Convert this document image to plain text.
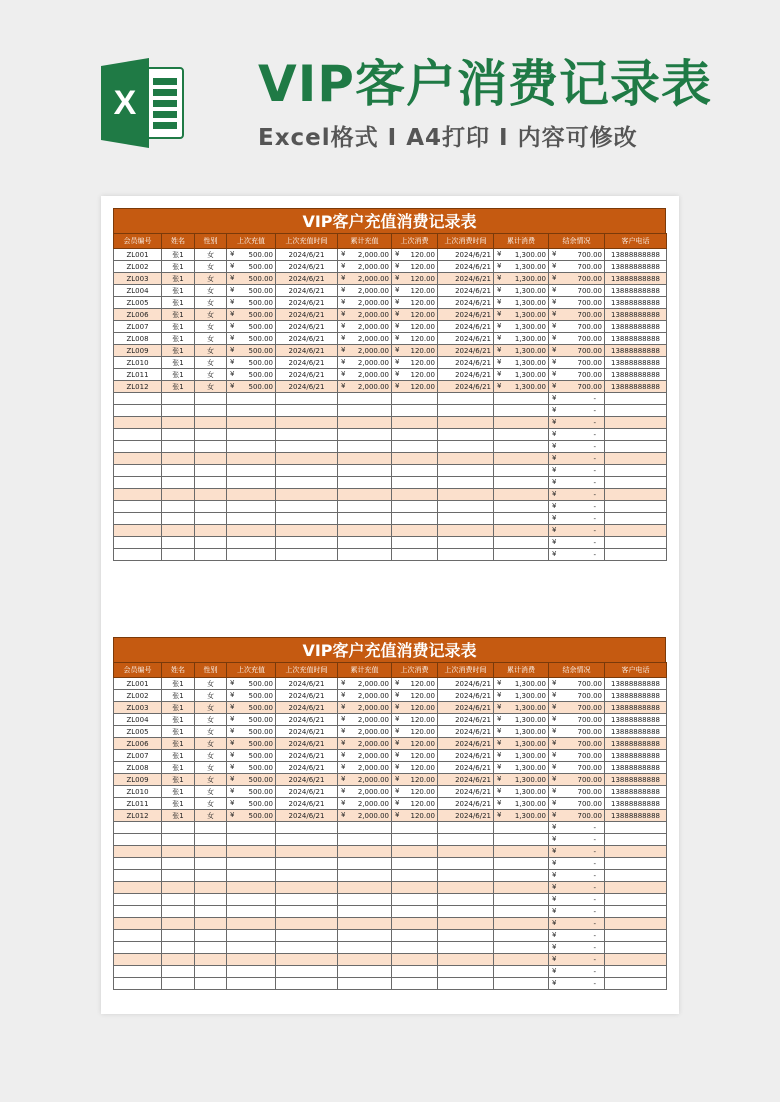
X VIP客户消费记录表
Excel格式 I A4打印 I 内容可修改
VIP客户充值消费记录表
会员编号	姓名	性别	上次充值	上次充值时间	累计充值	上次消费	上次消费时间	累计消费	结余情况	客户电话
ZL001	张1	女	¥ 500.00	2024/6/21	¥ 2,000.00	¥ 120.00	2024/6/21	¥ 1,300.00	¥ 700.00	13888888888
ZL002	张1	女	¥ 500.00	2024/6/21	¥ 2,000.00	¥ 120.00	2024/6/21	¥ 1,300.00	¥ 700.00	13888888888
ZL003	张1	女	¥ 500.00	2024/6/21	¥ 2,000.00	¥ 120.00	2024/6/21	¥ 1,300.00	¥ 700.00	13888888888
ZL004	张1	女	¥ 500.00	2024/6/21	¥ 2,000.00	¥ 120.00	2024/6/21	¥ 1,300.00	¥ 700.00	13888888888
ZL005	张1	女	¥ 500.00	2024/6/21	¥ 2,000.00	¥ 120.00	2024/6/21	¥ 1,300.00	¥ 700.00	13888888888
ZL006	张1	女	¥ 500.00	2024/6/21	¥ 2,000.00	¥ 120.00	2024/6/21	¥ 1,300.00	¥ 700.00	13888888888
ZL007	张1	女	¥ 500.00	2024/6/21	¥ 2,000.00	¥ 120.00	2024/6/21	¥ 1,300.00	¥ 700.00	13888888888
ZL008	张1	女	¥ 500.00	2024/6/21	¥ 2,000.00	¥ 120.00	2024/6/21	¥ 1,300.00	¥ 700.00	13888888888
ZL009	张1	女	¥ 500.00	2024/6/21	¥ 2,000.00	¥ 120.00	2024/6/21	¥ 1,300.00	¥ 700.00	13888888888
ZL010	张1	女	¥ 500.00	2024/6/21	¥ 2,000.00	¥ 120.00	2024/6/21	¥ 1,300.00	¥ 700.00	13888888888
ZL011	张1	女	¥ 500.00	2024/6/21	¥ 2,000.00	¥ 120.00	2024/6/21	¥ 1,300.00	¥ 700.00	13888888888
ZL012	张1	女	¥ 500.00	2024/6/21	¥ 2,000.00	¥ 120.00	2024/6/21	¥ 1,300.00	¥ 700.00	13888888888

									¥ -	

									¥ -	

									¥ -	

									¥ -	

									¥ -	

									¥ -	

									¥ -	

									¥ -	

									¥ -	

									¥ -	

									¥ -	

									¥ -	

									¥ -	

									¥ -	

VIP客户充值消费记录表
会员编号	姓名	性别	上次充值	上次充值时间	累计充值	上次消费	上次消费时间	累计消费	结余情况	客户电话
ZL001	张1	女	¥ 500.00	2024/6/21	¥ 2,000.00	¥ 120.00	2024/6/21	¥ 1,300.00	¥ 700.00	13888888888
ZL002	张1	女	¥ 500.00	2024/6/21	¥ 2,000.00	¥ 120.00	2024/6/21	¥ 1,300.00	¥ 700.00	13888888888
ZL003	张1	女	¥ 500.00	2024/6/21	¥ 2,000.00	¥ 120.00	2024/6/21	¥ 1,300.00	¥ 700.00	13888888888
ZL004	张1	女	¥ 500.00	2024/6/21	¥ 2,000.00	¥ 120.00	2024/6/21	¥ 1,300.00	¥ 700.00	13888888888
ZL005	张1	女	¥ 500.00	2024/6/21	¥ 2,000.00	¥ 120.00	2024/6/21	¥ 1,300.00	¥ 700.00	13888888888
ZL006	张1	女	¥ 500.00	2024/6/21	¥ 2,000.00	¥ 120.00	2024/6/21	¥ 1,300.00	¥ 700.00	13888888888
ZL007	张1	女	¥ 500.00	2024/6/21	¥ 2,000.00	¥ 120.00	2024/6/21	¥ 1,300.00	¥ 700.00	13888888888
ZL008	张1	女	¥ 500.00	2024/6/21	¥ 2,000.00	¥ 120.00	2024/6/21	¥ 1,300.00	¥ 700.00	13888888888
ZL009	张1	女	¥ 500.00	2024/6/21	¥ 2,000.00	¥ 120.00	2024/6/21	¥ 1,300.00	¥ 700.00	13888888888
ZL010	张1	女	¥ 500.00	2024/6/21	¥ 2,000.00	¥ 120.00	2024/6/21	¥ 1,300.00	¥ 700.00	13888888888
ZL011	张1	女	¥ 500.00	2024/6/21	¥ 2,000.00	¥ 120.00	2024/6/21	¥ 1,300.00	¥ 700.00	13888888888
ZL012	张1	女	¥ 500.00	2024/6/21	¥ 2,000.00	¥ 120.00	2024/6/21	¥ 1,300.00	¥ 700.00	13888888888

									¥ -	

									¥ -	

									¥ -	

									¥ -	

									¥ -	

									¥ -	

									¥ -	

									¥ -	

									¥ -	

									¥ -	

									¥ -	

									¥ -	

									¥ -	

									¥ -	
